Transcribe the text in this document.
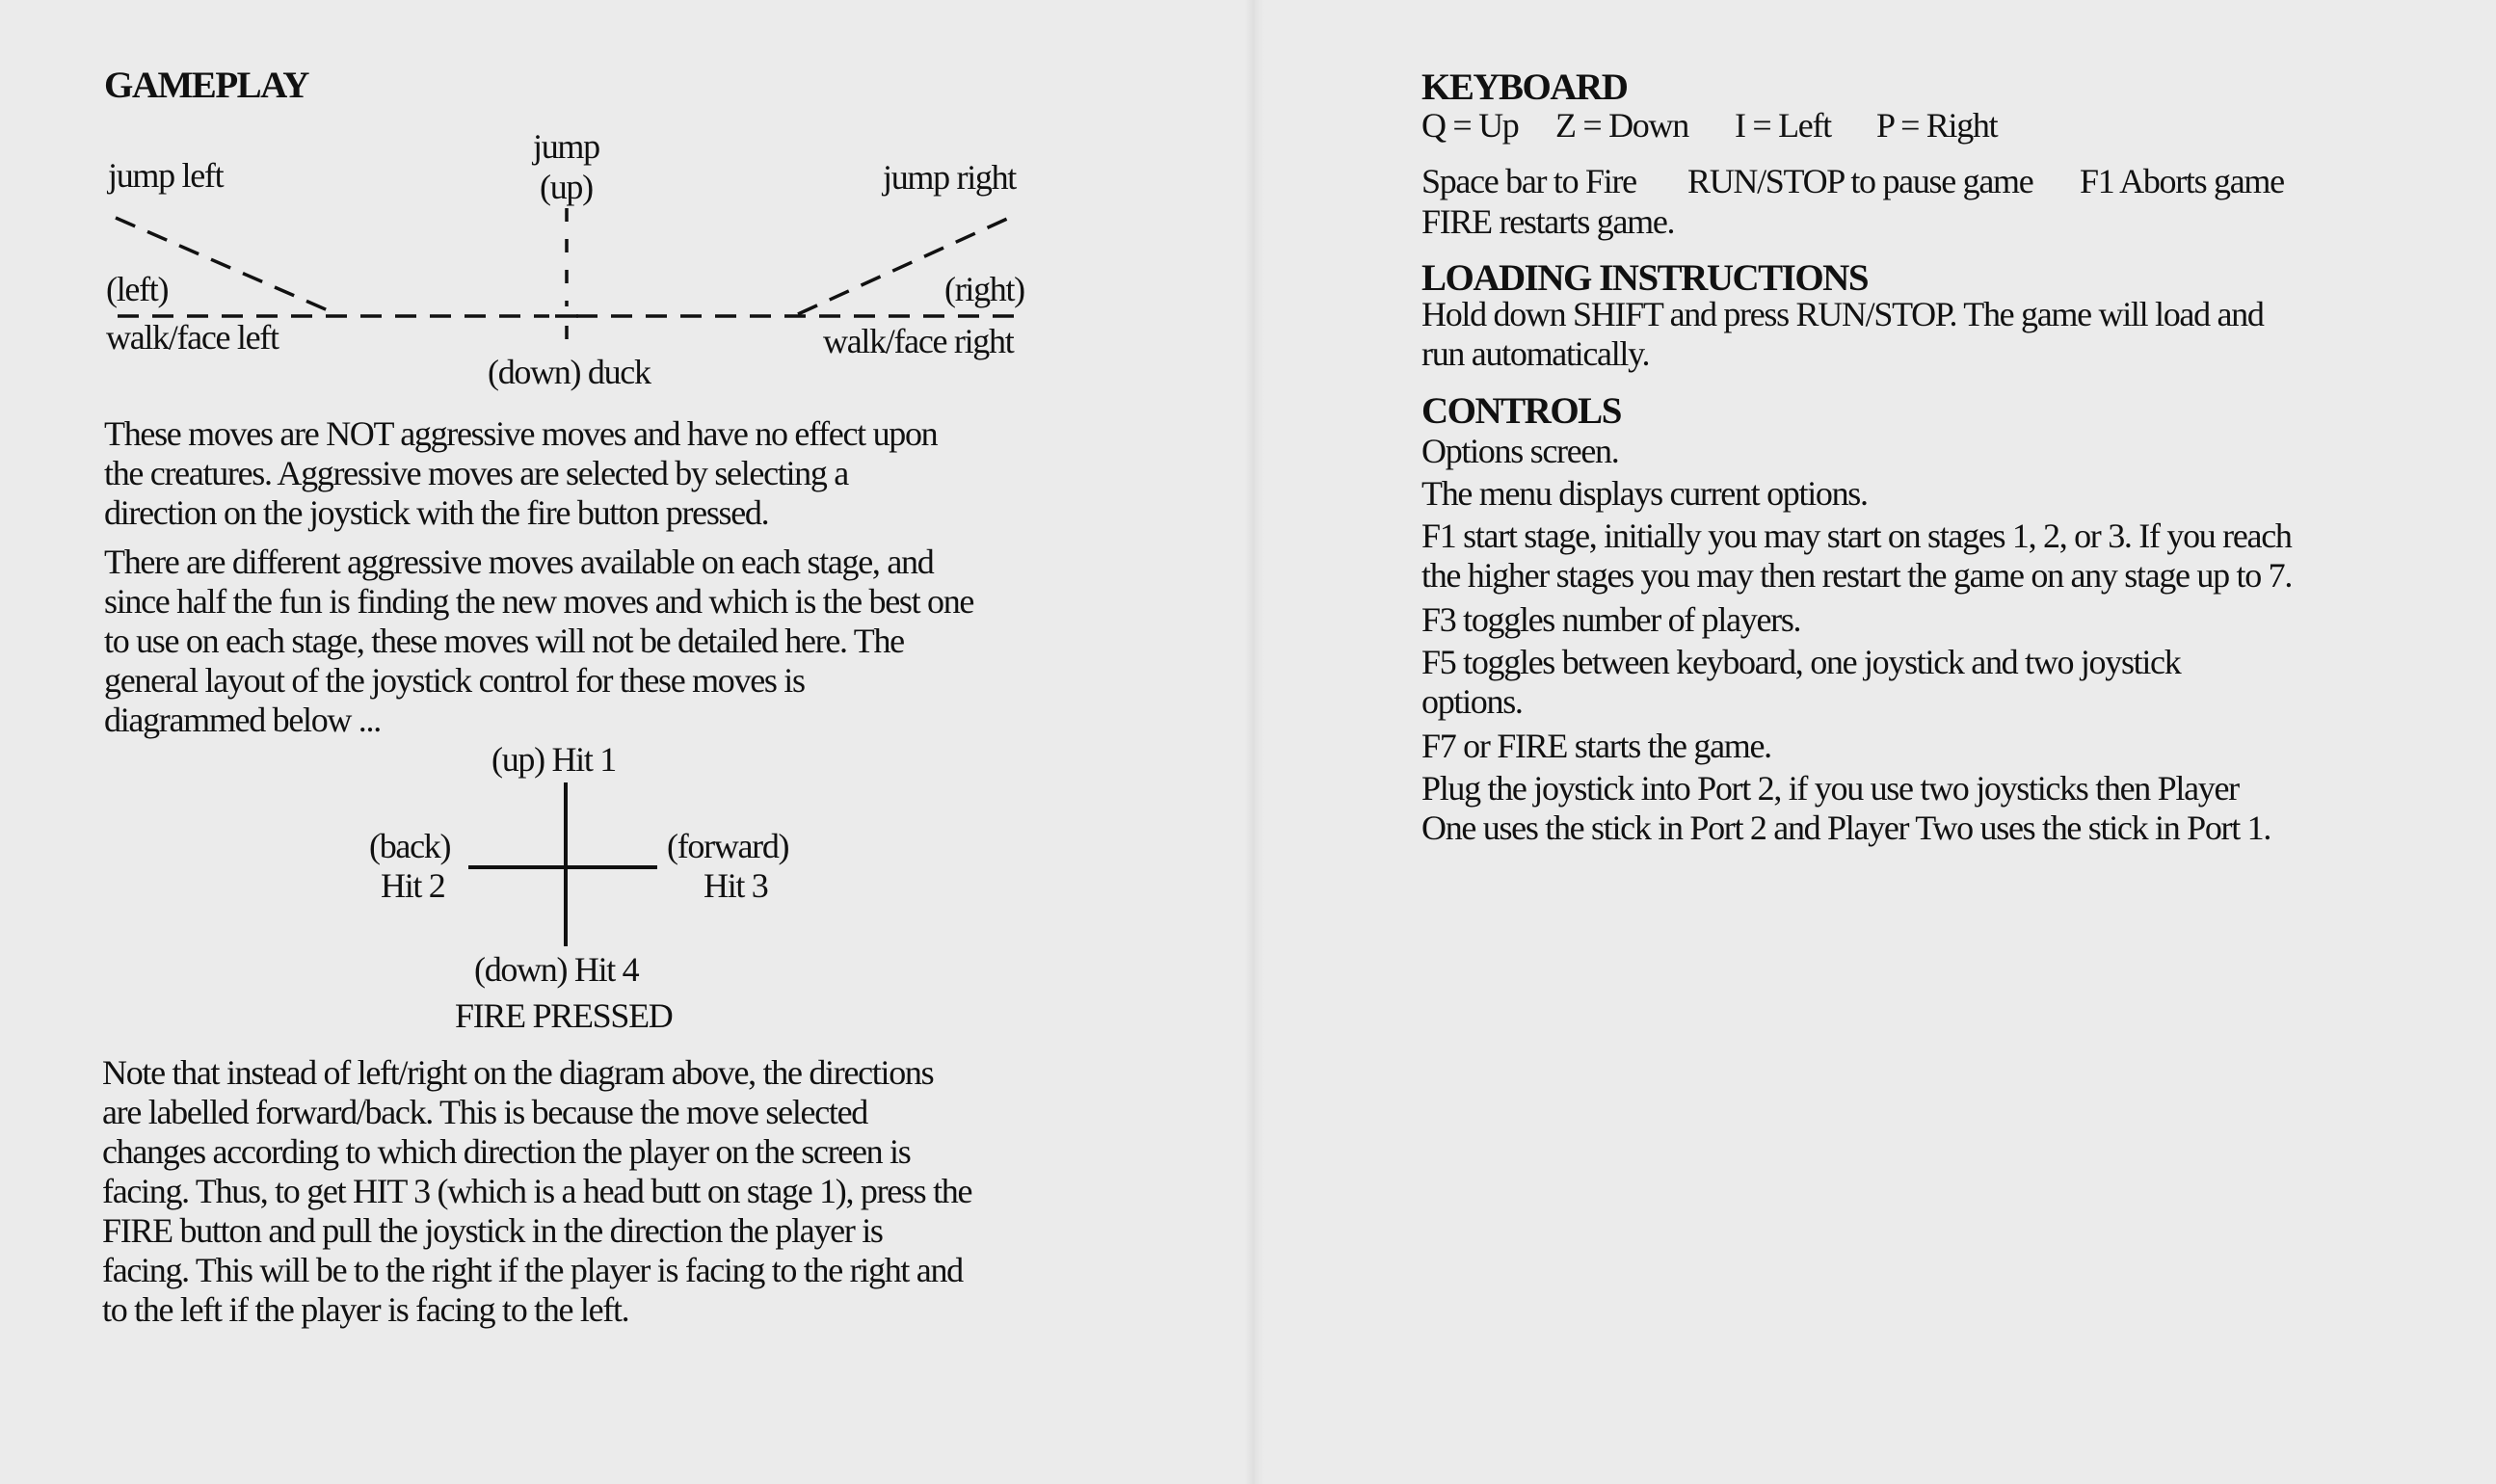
GAMEPLAY
jump
(up)
jump left	jump right
(left)	(right)
walk/face left	walk/face right
(down) duck
These moves are NOT aggressive moves and have no effect upon
the creatures. Aggressive moves are selected by selecting a
direction on the joystick with the fire button pressed.
There are different aggressive moves available on each stage, and
since half the fun is finding the new moves and which is the best one
to use on each stage, these moves will not be detailed here. The
general layout of the joystick control for these moves is
diagrammed below ...
(up) Hit 1
(back)
Hit 2
(forward)
Hit 3
(down) Hit 4
FIRE PRESSED
Note that instead of left/right on the diagram above, the directions
are labelled forward/back. This is because the move selected
changes according to which direction the player on the screen is
facing. Thus, to get HIT 3 (which is a head butt on stage 1), press the
FIRE button and pull the joystick in the direction the player is
facing. This will be to the right if the player is facing to the right and
to the left if the player is facing to the left.
KEYBOARD
Q = Up Z = Down I = Left P = Right
Space bar to Fire RUN/STOP to pause game F1 Aborts game
FIRE restarts game.
LOADING INSTRUCTIONS
Hold down SHIFT and press RUN/STOP. The game will load and
run automatically.
CONTROLS
Options screen.
The menu displays current options.
F1 start stage, initially you may start on stages 1, 2, or 3. If you reach
the higher stages you may then restart the game on any stage up to 7.
F3 toggles number of players.
F5 toggles between keyboard, one joystick and two joystick
options.
F7 or FIRE starts the game.
Plug the joystick into Port 2, if you use two joysticks then Player
One uses the stick in Port 2 and Player Two uses the stick in Port 1.
